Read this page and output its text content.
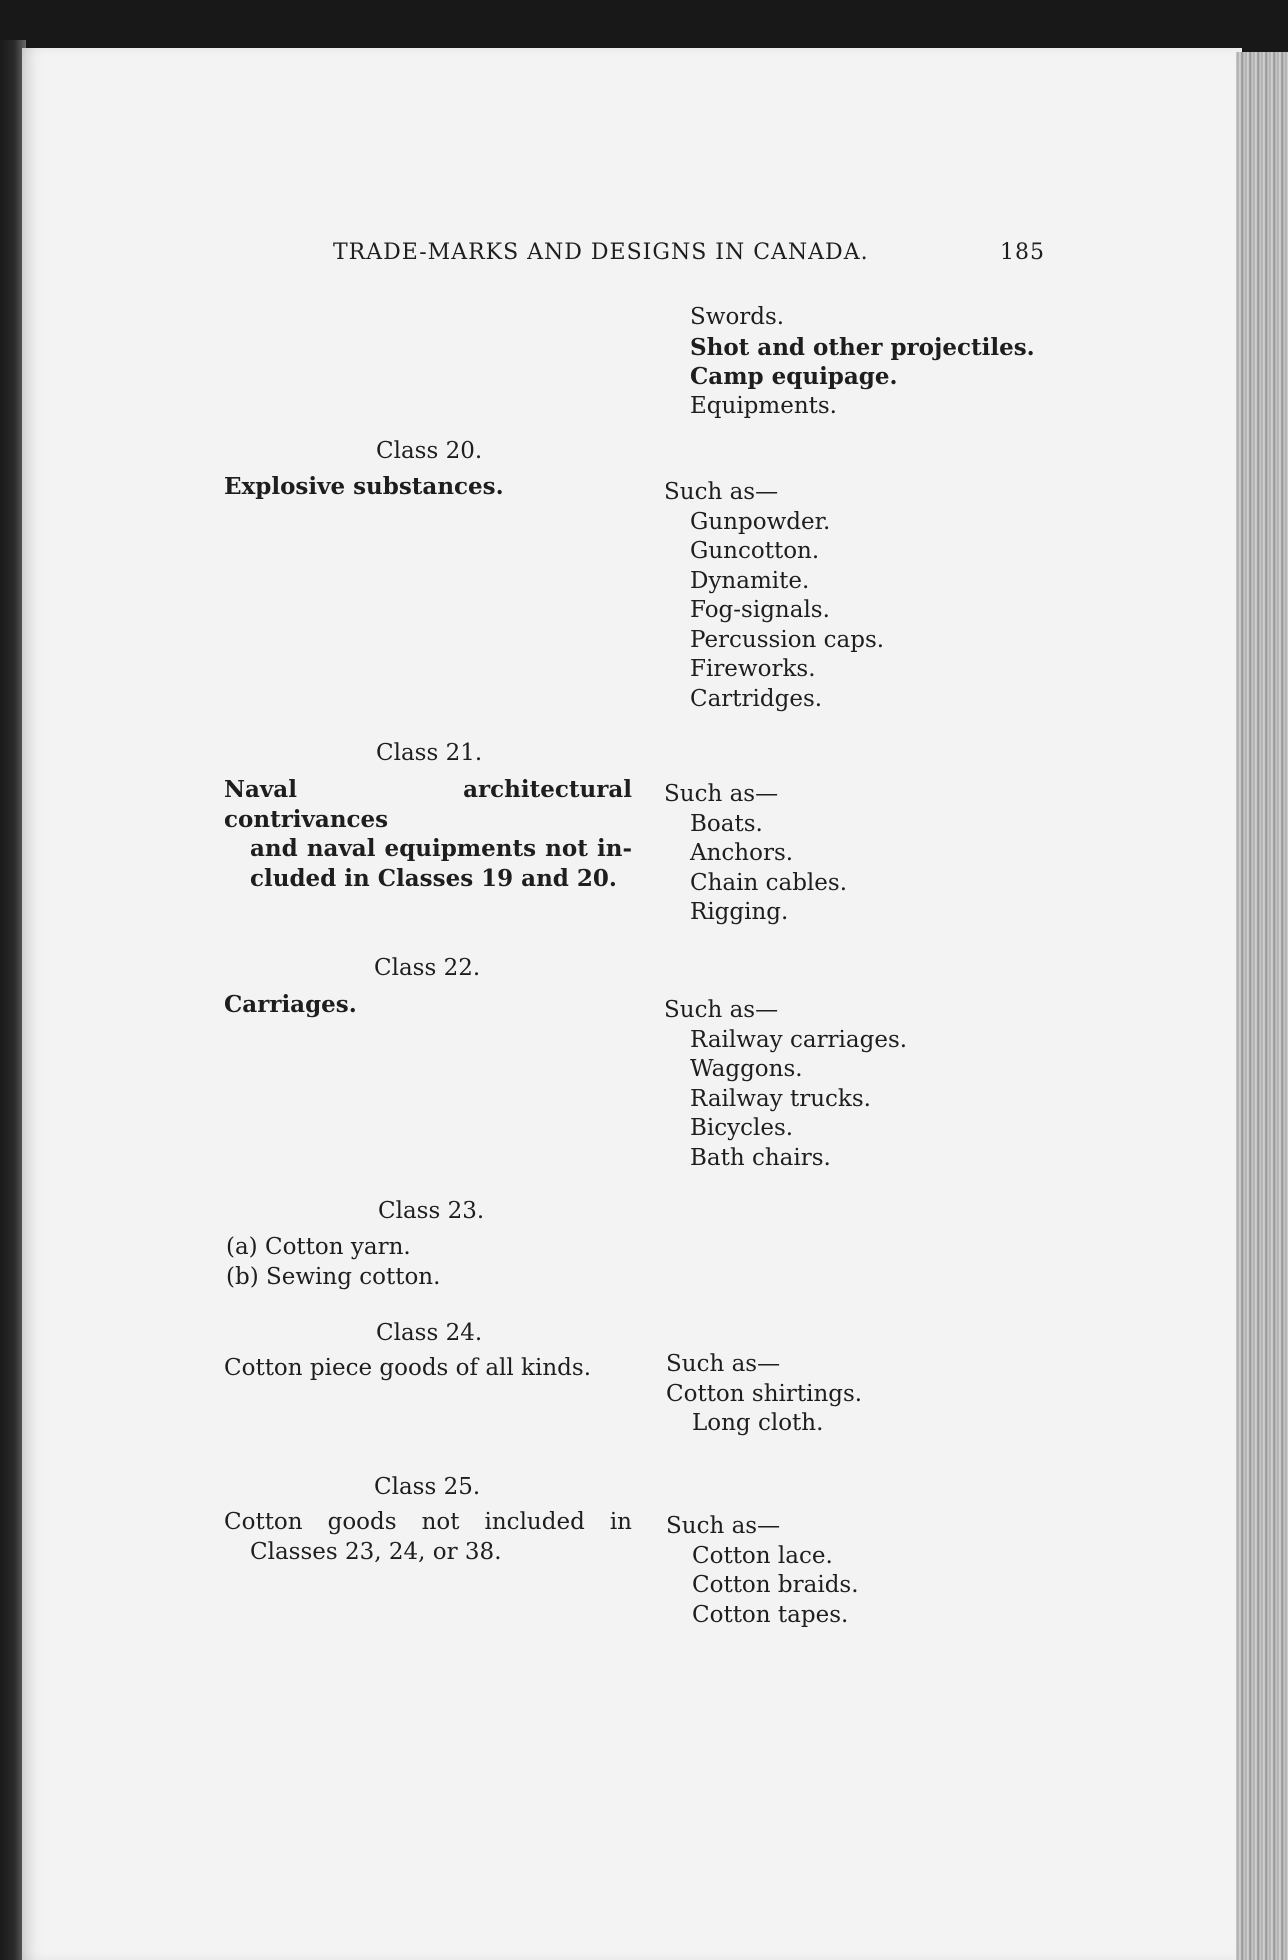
TRADE-MARKS AND DESIGNS IN CANADA.	185
Swords.
Shot and other projectiles.
Camp equipage.
Equipments.
Class 20.
Explosive substances.	Such as—
Gunpowder.
Guncotton.
Dynamite.
Fog-signals.
Percussion caps.
Fireworks.
Cartridges.
Class 21.
Naval architectural contrivances
and naval equipments not in-
cluded in Classes 19 and 20.
Such as—
Boats.
Anchors.
Chain cables.
Rigging.
Class 22.
Carriages.	Such as—
Railway carriages.
Waggons.
Railway trucks.
Bicycles.
Bath chairs.
Class 23.
(a) Cotton yarn.
(b) Sewing cotton.
Class 24.
Cotton piece goods of all kinds.	Such as—
Cotton shirtings.
Long cloth.
Class 25.
Cotton goods not included in
Classes 23, 24, or 38.
Such as—
Cotton lace.
Cotton braids.
Cotton tapes.
